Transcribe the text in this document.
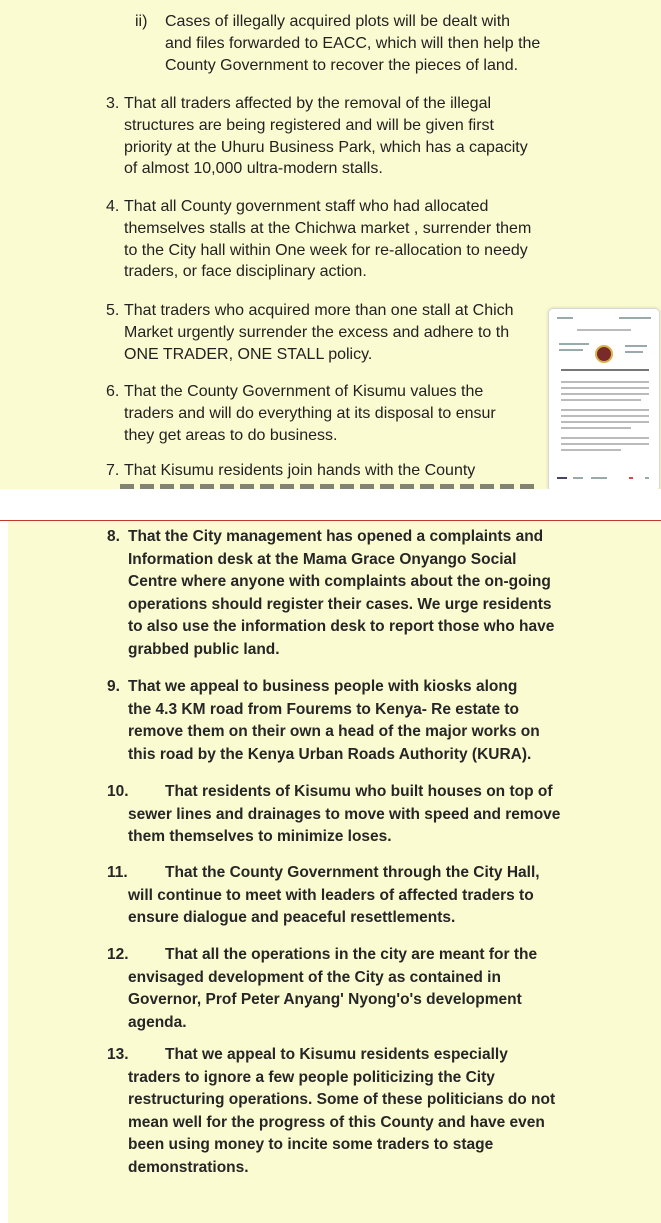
ii) Cases of illegally acquired plots will be dealt with
and files forwarded to EACC, which will then help the
County Government to recover the pieces of land.
3. That all traders affected by the removal of the illegal
structures are being registered and will be given first
priority at the Uhuru Business Park, which has a capacity
of almost 10,000 ultra-modern stalls.
4. That all County government staff who had allocated
themselves stalls at the Chichwa market , surrender them
to the City hall within One week for re-allocation to needy
traders, or face disciplinary action.
5. That traders who acquired more than one stall at Chich
Market urgently surrender the excess and adhere to th
ONE TRADER, ONE STALL policy.
6. That the County Government of Kisumu values the
traders and will do everything at its disposal to ensur
they get areas to do business.
7. That Kisumu residents join hands with the County
8. That the City management has opened a complaints and
Information desk at the Mama Grace Onyango Social
Centre where anyone with complaints about the on-going
operations should register their cases. We urge residents
to also use the information desk to report those who have
grabbed public land.
9. That we appeal to business people with kiosks along
the 4.3 KM road from Fourems to Kenya- Re estate to
remove them on their own a head of the major works on
this road by the Kenya Urban Roads Authority (KURA).
10.	That residents of Kisumu who built houses on top of
sewer lines and drainages to move with speed and remove
them themselves to minimize loses.
11.	That the County Government through the City Hall,
will continue to meet with leaders of affected traders to
ensure dialogue and peaceful resettlements.
12.	That all the operations in the city are meant for the
envisaged development of the City as contained in
Governor, Prof Peter Anyang' Nyong'o's development
agenda.
13.	That we appeal to Kisumu residents especially
traders to ignore a few people politicizing the City
restructuring operations. Some of these politicians do not
mean well for the progress of this County and have even
been using money to incite some traders to stage
demonstrations.
